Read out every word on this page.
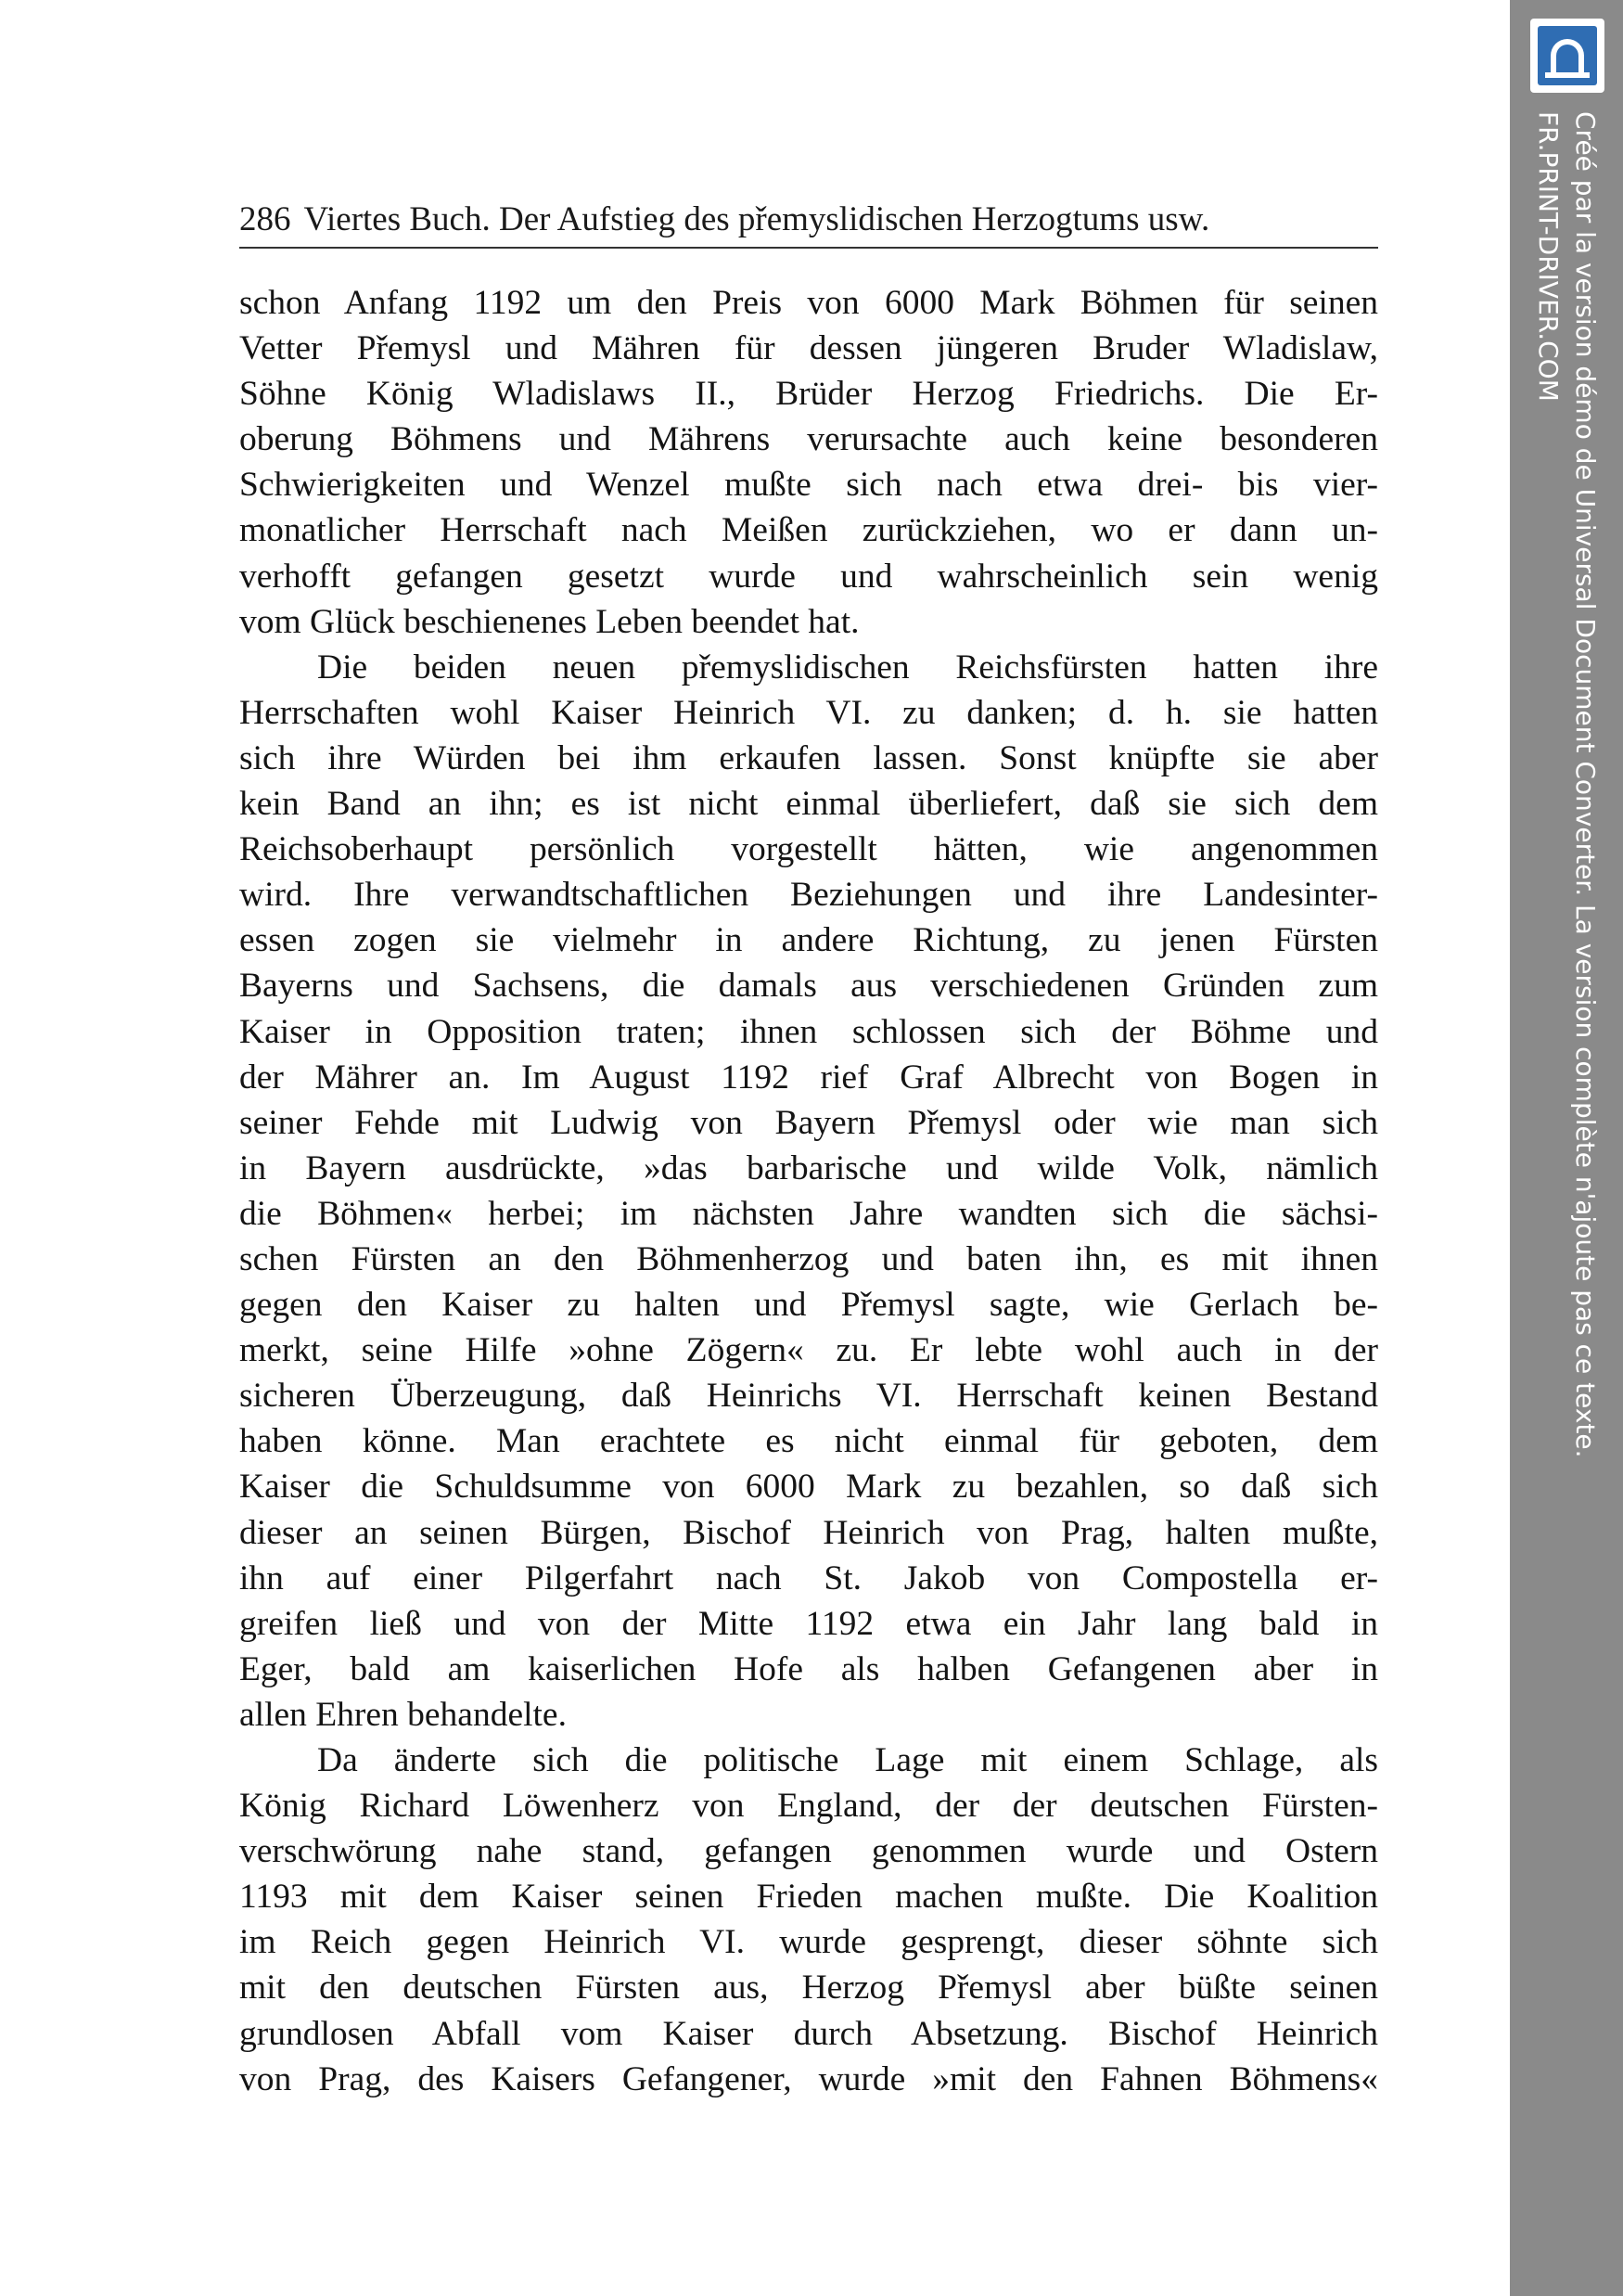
286 Viertes Buch. Der Aufstieg des přemyslidischen Herzogtums usw.
schon Anfang 1192 um den Preis von 6000 Mark Böhmen für seinen
Vetter Přemysl und Mähren für dessen jüngeren Bruder Wladislaw,
Söhne König Wladislaws II., Brüder Herzog Friedrichs. Die Er-
oberung Böhmens und Mährens verursachte auch keine besonderen
Schwierigkeiten und Wenzel mußte sich nach etwa drei- bis vier-
monatlicher Herrschaft nach Meißen zurückziehen, wo er dann un-
verhofft gefangen gesetzt wurde und wahrscheinlich sein wenig
vom Glück beschienenes Leben beendet hat.
Die beiden neuen přemyslidischen Reichsfürsten hatten ihre
Herrschaften wohl Kaiser Heinrich VI. zu danken; d. h. sie hatten
sich ihre Würden bei ihm erkaufen lassen. Sonst knüpfte sie aber
kein Band an ihn; es ist nicht einmal überliefert, daß sie sich dem
Reichsoberhaupt persönlich vorgestellt hätten, wie angenommen
wird. Ihre verwandtschaftlichen Beziehungen und ihre Landesinter-
essen zogen sie vielmehr in andere Richtung, zu jenen Fürsten
Bayerns und Sachsens, die damals aus verschiedenen Gründen zum
Kaiser in Opposition traten; ihnen schlossen sich der Böhme und
der Mährer an. Im August 1192 rief Graf Albrecht von Bogen in
seiner Fehde mit Ludwig von Bayern Přemysl oder wie man sich
in Bayern ausdrückte, »das barbarische und wilde Volk, nämlich
die Böhmen« herbei; im nächsten Jahre wandten sich die sächsi-
schen Fürsten an den Böhmenherzog und baten ihn, es mit ihnen
gegen den Kaiser zu halten und Přemysl sagte, wie Gerlach be-
merkt, seine Hilfe »ohne Zögern« zu. Er lebte wohl auch in der
sicheren Überzeugung, daß Heinrichs VI. Herrschaft keinen Bestand
haben könne. Man erachtete es nicht einmal für geboten, dem
Kaiser die Schuldsumme von 6000 Mark zu bezahlen, so daß sich
dieser an seinen Bürgen, Bischof Heinrich von Prag, halten mußte,
ihn auf einer Pilgerfahrt nach St. Jakob von Compostella er-
greifen ließ und von der Mitte 1192 etwa ein Jahr lang bald in
Eger, bald am kaiserlichen Hofe als halben Gefangenen aber in
allen Ehren behandelte.
Da änderte sich die politische Lage mit einem Schlage, als
König Richard Löwenherz von England, der der deutschen Fürsten-
verschwörung nahe stand, gefangen genommen wurde und Ostern
1193 mit dem Kaiser seinen Frieden machen mußte. Die Koalition
im Reich gegen Heinrich VI. wurde gesprengt, dieser söhnte sich
mit den deutschen Fürsten aus, Herzog Přemysl aber büßte seinen
grundlosen Abfall vom Kaiser durch Absetzung. Bischof Heinrich
von Prag, des Kaisers Gefangener, wurde »mit den Fahnen Böhmens«
Créé par la version démo de Universal Document Converter. La version complète n'ajoute pas ce texte.
FR.PRINT-DRIVER.COM
